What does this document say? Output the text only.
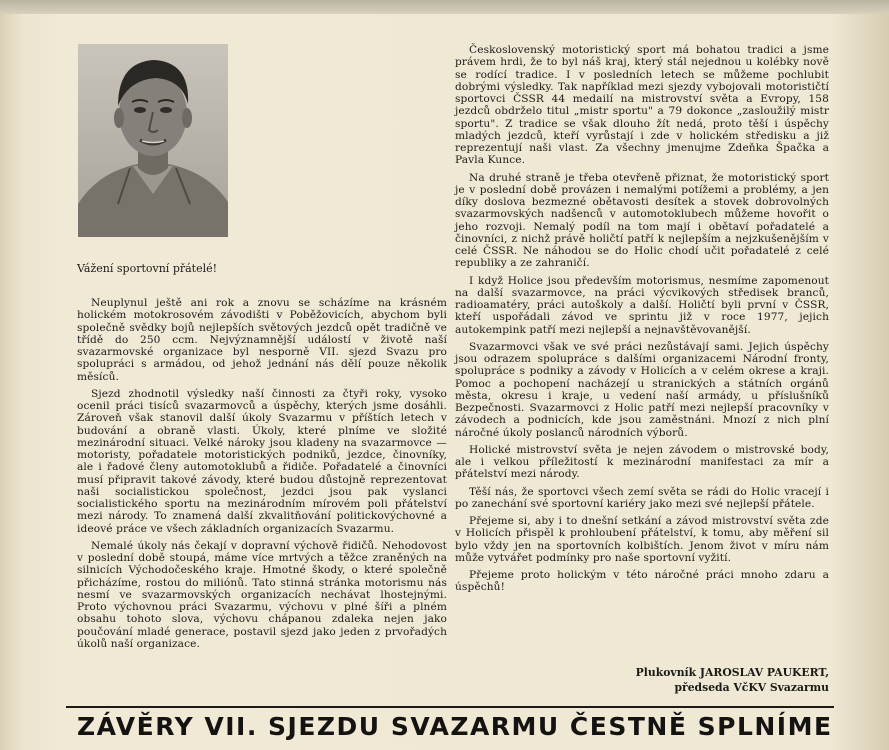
Vážení sportovní přátelé!

Neuplynul ještě ani rok a znovu se scházíme na krásném holickém motokrosovém závodišti v Poběžovicích, abychom byli společně svědky bojů nejlepších světových jezdců opět tradičně ve třídě do 250 ccm. Nejvýznamnější událostí v životě naší svazarmovské organizace byl nesporně VII. sjezd Svazu pro spolupráci s armádou, od jehož jednání nás dělí pouze několik měsíců.

Sjezd zhodnotil výsledky naší činnosti za čtyři roky, vysoko ocenil práci tisíců svazarmovců a úspěchy, kterých jsme dosáhli. Zároveň však stanovil další úkoly Svazarmu v příštích letech v budování a obraně vlasti. Úkoly, které plníme ve složité mezinárodní situaci. Velké nároky jsou kladeny na svazarmovce — motoristy, pořadatele motoristických podniků, jezdce, činovníky, ale i řadové členy automotoklubů a řidiče. Pořadatelé a činovníci musí připravit takové závody, které budou důstojně reprezentovat naši socialistickou společnost, jezdci jsou pak vyslanci socialistického sportu na mezinárodním mírovém poli přátelství mezi národy. To znamená další zkvalitňování politickovýchovné a ideové práce ve všech základních organizacích Svazarmu.

Nemalé úkoly nás čekají v dopravní výchově řidičů. Nehodovost v poslední době stoupá, máme více mrtvých a těžce zraněných na silnicích Východočeského kraje. Hmotné škody, o které společně přicházíme, rostou do miliónů. Tato stinná stránka motorismu nás nesmí ve svazarmovských organizacích nechávat lhostejnými. Proto výchovnou práci Svazarmu, výchovu v plné šíři a plném obsahu tohoto slova, výchovu chápanou zdaleka nejen jako poučování mladé generace, postavil sjezd jako jeden z prvořadých úkolů naší organizace.

Československý motoristický sport má bohatou tradici a jsme právem hrdi, že to byl náš kraj, který stál nejednou u kolébky nově se rodící tradice. I v posledních letech se můžeme pochlubit dobrými výsledky. Tak například mezi sjezdy vybojovali motorističtí sportovci ČSSR 44 medailí na mistrovství světa a Evropy, 158 jezdců obdrželo titul „mistr sportu" a 79 dokonce „zasloužilý mistr sportu". Z tradice se však dlouho žít nedá, proto těší i úspěchy mladých jezdců, kteří vyrůstají i zde v holickém středisku a již reprezentují naši vlast. Za všechny jmenujme Zdeňka Špačka a Pavla Kunce.

Na druhé straně je třeba otevřeně přiznat, že motoristický sport je v poslední době provázen i nemalými potížemi a problémy, a jen díky doslova bezmezné obětavosti desítek a stovek dobrovolných svazarmovských nadšenců v automotoklubech můžeme hovořit o jeho rozvoji. Nemalý podíl na tom mají i obětaví pořadatelé a činovníci, z nichž právě holičtí patří k nejlepším a nejzkušenějším v celé ČSSR. Ne náhodou se do Holic chodí učit pořadatelé z celé republiky a ze zahraničí.

I když Holice jsou především motorismus, nesmíme zapomenout na další svazarmovce, na práci výcvikových středisek branců, radioamatéry, práci autoškoly a další. Holičtí byli první v ČSSR, kteří uspořádali závod ve sprintu již v roce 1977, jejich autokempink patří mezi nejlepší a nejnavštěvovanější.

Svazarmovci však ve své práci nezůstávají sami. Jejich úspěchy jsou odrazem spolupráce s dalšími organizacemi Národní fronty, spolupráce s podniky a závody v Holicích a v celém okrese a kraji. Pomoc a pochopení nacházejí u stranických a státních orgánů města, okresu i kraje, u vedení naší armády, u příslušníků Bezpečnosti. Svazarmovci z Holic patří mezi nejlepší pracovníky v závodech a podnicích, kde jsou zaměstnáni. Mnozí z nich plní náročné úkoly poslanců národních výborů.

Holické mistrovství světa je nejen závodem o mistrovské body, ale i velkou příležitostí k mezinárodní manifestaci za mír a přátelství mezi národy.

Těší nás, že sportovci všech zemí světa se rádi do Holic vracejí i po zanechání své sportovní kariéry jako mezi své nejlepší přátele.

Přejeme si, aby i to dnešní setkání a závod mistrovství světa zde v Holicích přispěl k prohloubení přátelství, k tomu, aby měření sil bylo vždy jen na sportovních kolbištích. Jenom život v míru nám může vytvářet podmínky pro naše sportovní vyžití.

Přejeme proto holickým v této náročné práci mnoho zdaru a úspěchů!

Plukovník JAROSLAV PAUKERT,
předseda VčKV Svazarmu
ZÁVĚRY VII. SJEZDU SVAZARMU ČESTNĚ SPLNÍME
